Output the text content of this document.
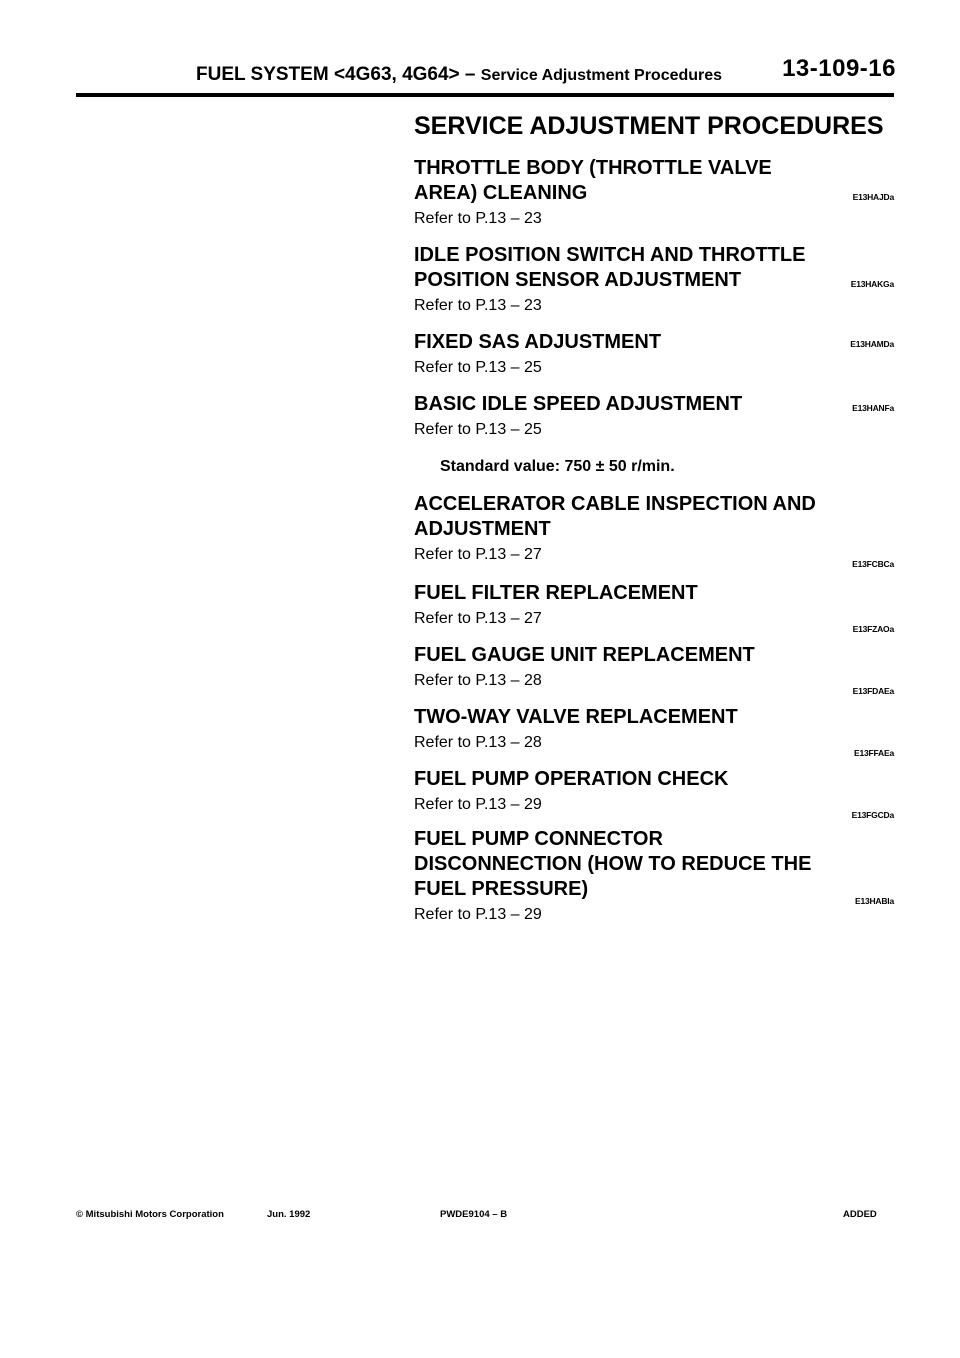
FUEL SYSTEM <4G63, 4G64> – Service Adjustment Procedures	13-109-16
SERVICE ADJUSTMENT PROCEDURES
THROTTLE BODY (THROTTLE VALVE AREA) CLEANING	E13HAJDa
Refer to P.13 – 23
IDLE POSITION SWITCH AND THROTTLE POSITION SENSOR ADJUSTMENT	E13HAKGa
Refer to P.13 – 23
FIXED SAS ADJUSTMENT	E13HAMDa
Refer to P.13 – 25
BASIC IDLE SPEED ADJUSTMENT	E13HANFa
Refer to P.13 – 25
Standard value: 750 ± 50 r/min.
ACCELERATOR CABLE INSPECTION AND ADJUSTMENT
E13FCBCa
Refer to P.13 – 27
FUEL FILTER REPLACEMENT
E13FZAOa
Refer to P.13 – 27
FUEL GAUGE UNIT REPLACEMENT
E13FDAEa
Refer to P.13 – 28
TWO-WAY VALVE REPLACEMENT
E13FFAEa
Refer to P.13 – 28
FUEL PUMP OPERATION CHECK
E13FGCDa
Refer to P.13 – 29
FUEL PUMP CONNECTOR DISCONNECTION (HOW TO REDUCE THE FUEL PRESSURE)
E13HABIa
Refer to P.13 – 29
© Mitsubishi Motors Corporation	Jun. 1992	PWDE9104 – B	ADDED
